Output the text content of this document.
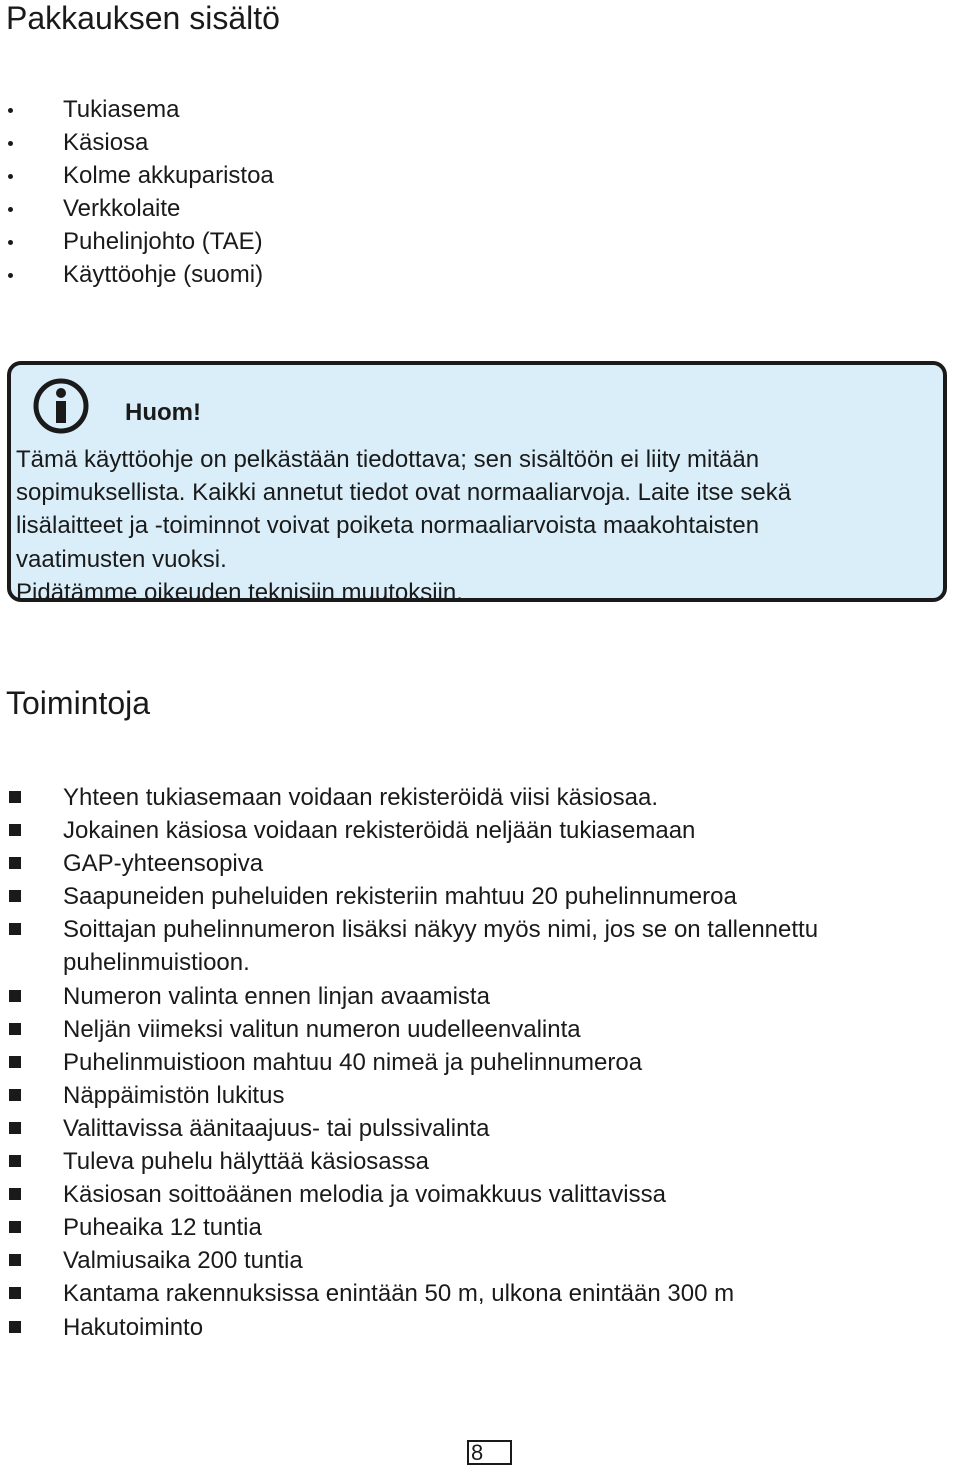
Pakkauksen sisältö
Tukiasema
Käsiosa
Kolme akkuparistoa
Verkkolaite
Puhelinjohto (TAE)
Käyttöohje (suomi)
Huom!

Tämä käyttöohje on pelkästään tiedottava; sen sisältöön ei liity mitään
sopimuksellista. Kaikki annetut tiedot ovat normaaliarvoja. Laite itse sekä
lisälaitteet ja -toiminnot voivat poiketa normaaliarvoista maakohtaisten
vaatimusten vuoksi.
Pidätämme oikeuden teknisiin muutoksiin.

Toimintoja
Yhteen tukiasemaan voidaan rekisteröidä viisi käsiosaa.
Jokainen käsiosa voidaan rekisteröidä neljään tukiasemaan
GAP-yhteensopiva
Saapuneiden puheluiden rekisteriin mahtuu 20 puhelinnumeroa
Soittajan puhelinnumeron lisäksi näkyy myös nimi, jos se on tallennettu puhelinmuistioon.
Numeron valinta ennen linjan avaamista
Neljän viimeksi valitun numeron uudelleenvalinta
Puhelinmuistioon mahtuu 40 nimeä ja puhelinnumeroa
Näppäimistön lukitus
Valittavissa äänitaajuus- tai pulssivalinta
Tuleva puhelu hälyttää käsiosassa
Käsiosan soittoäänen melodia ja voimakkuus valittavissa
Puheaika 12 tuntia
Valmiusaika 200 tuntia
Kantama rakennuksissa enintään 50 m, ulkona enintään 300 m
Hakutoiminto
8
